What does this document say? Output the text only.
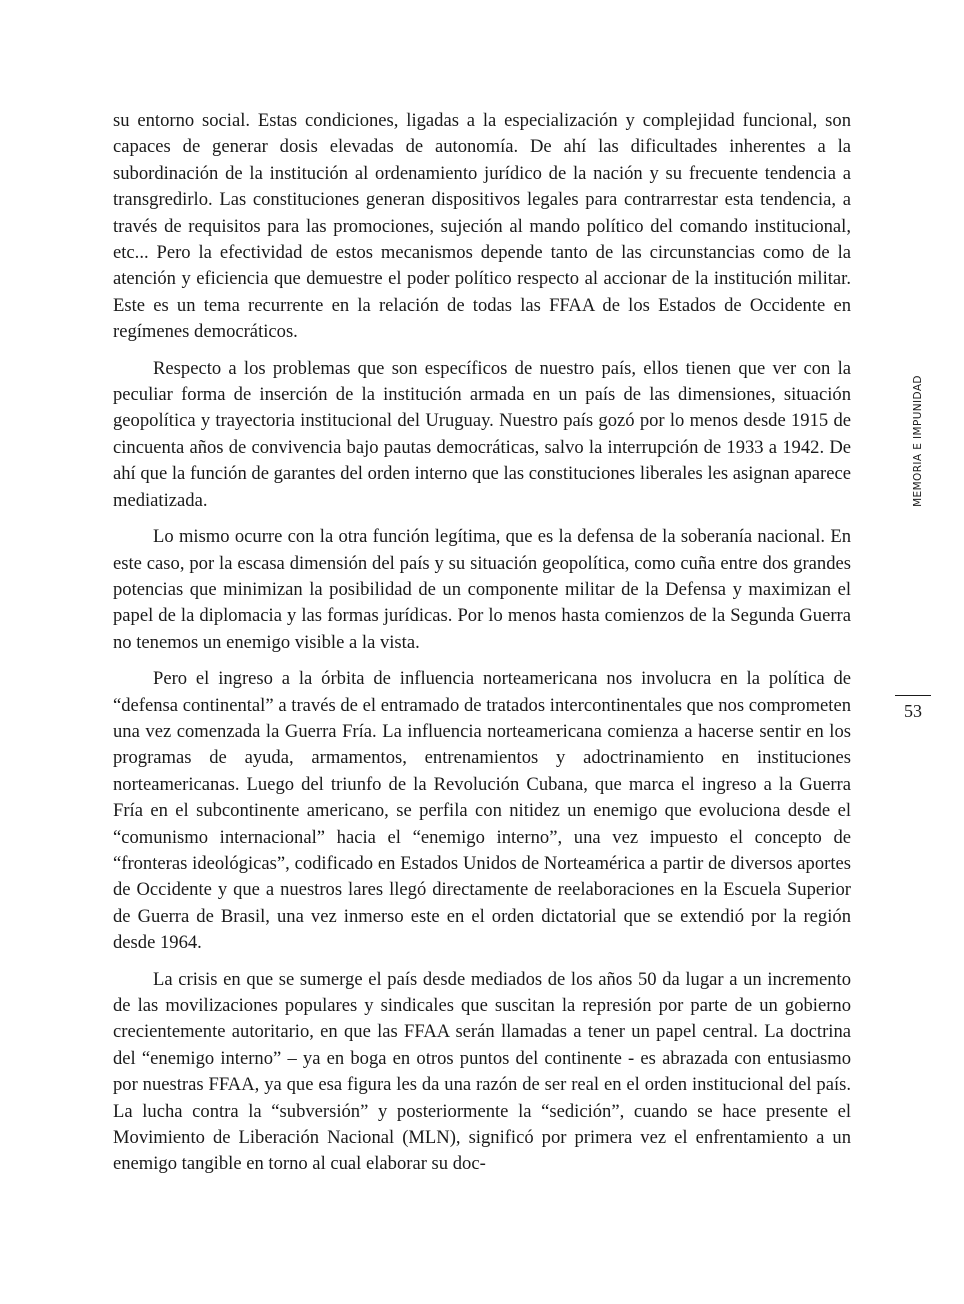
su entorno social. Estas condiciones, ligadas a la especialización y complejidad funcional, son capaces de generar dosis elevadas de autonomía. De ahí las dificultades inherentes a la subordinación de la institución al ordenamiento jurídico de la nación y su frecuente tendencia a transgredirlo. Las constituciones generan dispositivos legales para contrarrestar esta tendencia, a través de requisitos para las promociones, sujeción al mando político del comando institucional, etc... Pero la efectividad de estos mecanismos depende tanto de las circunstancias como de la atención y eficiencia que demuestre el poder político respecto al accionar de la institución militar. Este es un tema recurrente en la relación de todas las FFAA de los Estados de Occidente en regímenes democráticos.

Respecto a los problemas que son específicos de nuestro país, ellos tienen que ver con la peculiar forma de inserción de la institución armada en un país de las dimensiones, situación geopolítica y trayectoria institucional del Uruguay. Nuestro país gozó por lo menos desde 1915 de cincuenta años de convivencia bajo pautas democráticas, salvo la interrupción de 1933 a 1942. De ahí que la función de garantes del orden interno que las constituciones liberales les asignan aparece mediatizada.

Lo mismo ocurre con la otra función legítima, que es la defensa de la soberanía nacional. En este caso, por la escasa dimensión del país y su situación geopolítica, como cuña entre dos grandes potencias que minimizan la posibilidad de un componente militar de la Defensa y maximizan el papel de la diplomacia y las formas jurídicas. Por lo menos hasta comienzos de la Segunda Guerra no tenemos un enemigo visible a la vista.

Pero el ingreso a la órbita de influencia norteamericana nos involucra en la política de “defensa continental” a través de el entramado de tratados intercontinentales que nos comprometen una vez comenzada la Guerra Fría. La influencia norteamericana comienza a hacerse sentir en los programas de ayuda, armamentos, entrenamientos y adoctrinamiento en instituciones norteamericanas. Luego del triunfo de la Revolución Cubana, que marca el ingreso a la Guerra Fría en el subcontinente americano, se perfila con nitidez un enemigo que evoluciona desde el “comunismo internacional” hacia el “enemigo interno”, una vez impuesto el concepto de “fronteras ideológicas”, codificado en Estados Unidos de Norteamérica a partir de diversos aportes de Occidente y que a nuestros lares llegó directamente de reelaboraciones en la Escuela Superior de Guerra de Brasil, una vez inmerso este en el orden dictatorial que se extendió por la región desde 1964.

La crisis en que se sumerge el país desde mediados de los años 50 da lugar a un incremento de las movilizaciones populares y sindicales que suscitan la represión por parte de un gobierno crecientemente autoritario, en que las FFAA serán llamadas a tener un papel central. La doctrina del “enemigo interno” – ya en boga en otros puntos del continente - es abrazada con entusiasmo por nuestras FFAA, ya que esa figura les da una razón de ser real en el orden institucional del país. La lucha contra la “subversión” y posteriormente la “sedición”, cuando se hace presente el Movimiento de Liberación Nacional (MLN), significó por primera vez el enfrentamiento a un enemigo tangible en torno al cual elaborar su doc-

MEMORIA E IMPUNIDAD
53
